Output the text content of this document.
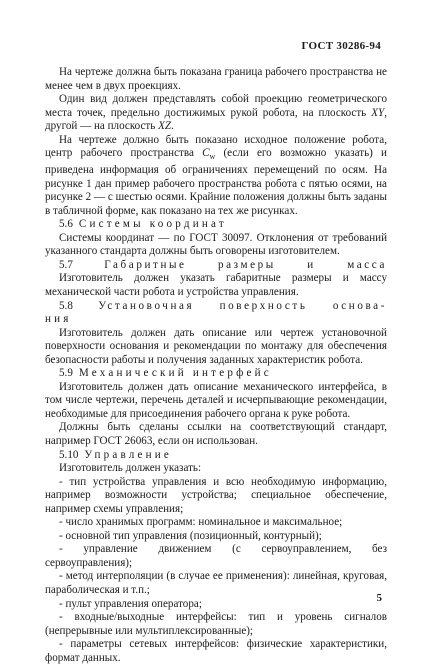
ГОСТ 30286-94

На чертеже должна быть показана граница рабочего пространства не менее чем в двух проекциях.

Один вид должен представлять собой проекцию геометрического места точек, предельно достижимых рукой робота, на плоскость XY, другой — на плоскость XZ.

На чертеже должно быть показано исходное положение робота, центр рабочего пространства $C_w$ (если его возможно указать) и приведена информация об ограничениях перемещений по осям. На рисунке 1 дан пример рабочего пространства робота с пятью осями, на рисунке 2 — с шестью осями. Крайние положения должны быть заданы в табличной форме, как показано на тех же рисунках.

5.6 Системы координат

Системы координат — по ГОСТ 30097. Отклонения от требований указанного стандарта должны быть оговорены изготовителем.

5.7	Габаритные размеры и масса

Изготовитель должен указать габаритные размеры и массу механической части робота и устройства управления.

5.8 Установочная поверхность основа-

ния

Изготовитель должен дать описание или чертеж установочной поверхности основания и рекомендации по монтажу для обеспечения безопасности работы и получения заданных характеристик робота.

5.9 Механический интерфейс

Изготовитель должен дать описание механического интерфейса, в том числе чертежи, перечень деталей и исчерпывающие рекомендации, необходимые для присоединения рабочего органа к руке робота.

Должны быть сделаны ссылки на соответствующий стандарт, например ГОСТ 26063, если он использован.

5.10 Управление

Изготовитель должен указать:

- тип устройства управления и всю необходимую информацию, например возможности устройства; специальное обеспечение, например схемы управления;

- число хранимых программ: номинальное и максимальное;

- основной тип управления (позиционный, контурный);

- управление движением (с сервоуправлением, без сервоуправления);

- метод интерполяции (в случае ее применения): линейная, круговая, параболическая и т.п.;

- пульт управления оператора;

- входные/выходные интерфейсы: тип и уровень сигналов (непрерывные или мультиплексированные);

- параметры сетевых интерфейсов: физические характеристики, формат данных.

5
